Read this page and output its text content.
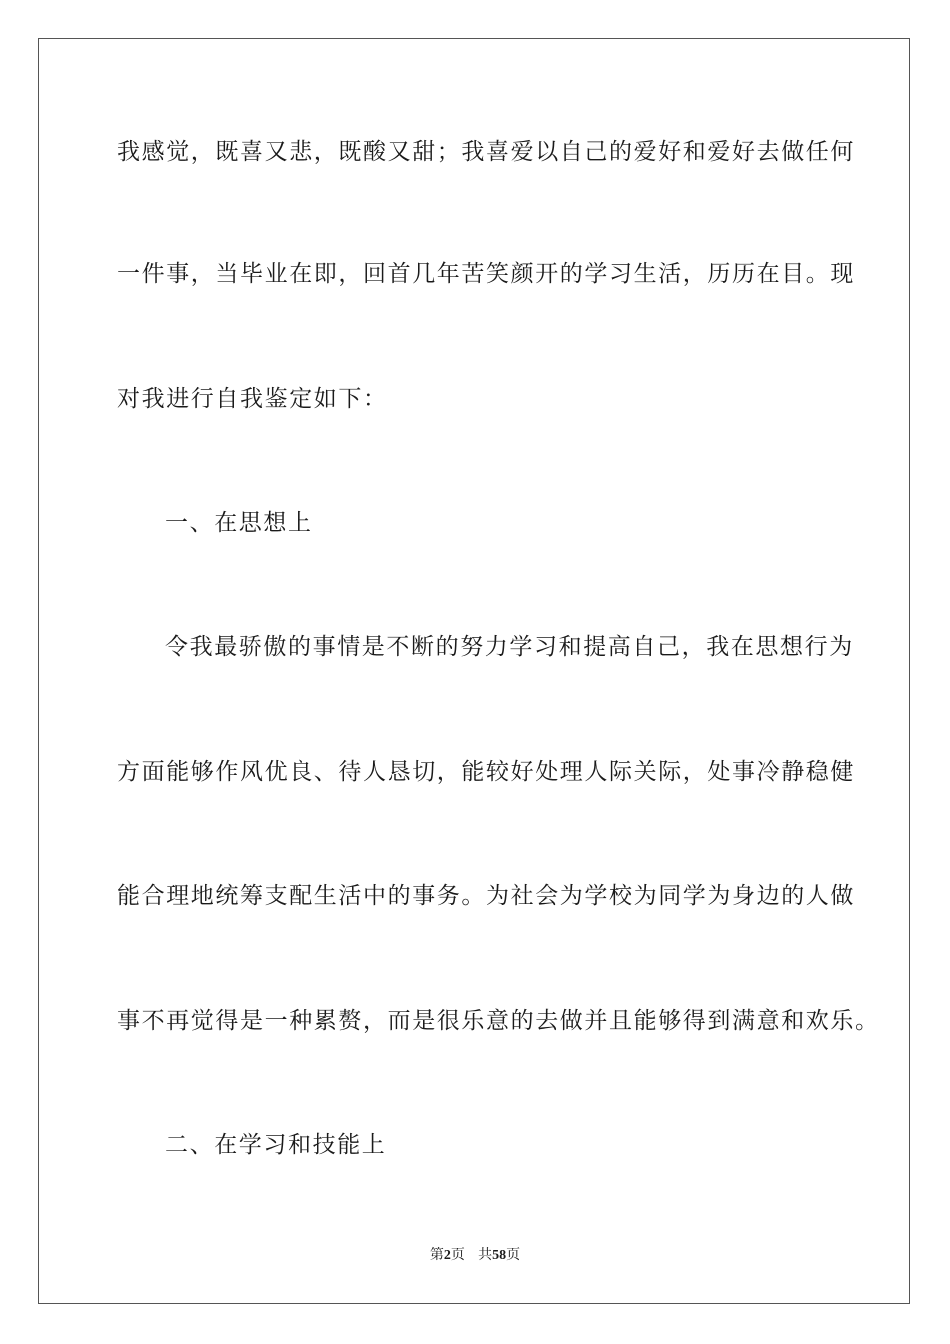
我感觉，既喜又悲，既酸又甜；我喜爱以自己的爱好和爱好去做任何
一件事，当毕业在即，回首几年苦笑颜开的学习生活，历历在目。现
对我进行自我鉴定如下：
一、在思想上
令我最骄傲的事情是不断的努力学习和提高自己，我在思想行为
方面能够作风优良、待人恳切，能较好处理人际关际，处事冷静稳健
能合理地统筹支配生活中的事务。为社会为学校为同学为身边的人做
事不再觉得是一种累赘，而是很乐意的去做并且能够得到满意和欢乐。
二、在学习和技能上
第2页 共58页
